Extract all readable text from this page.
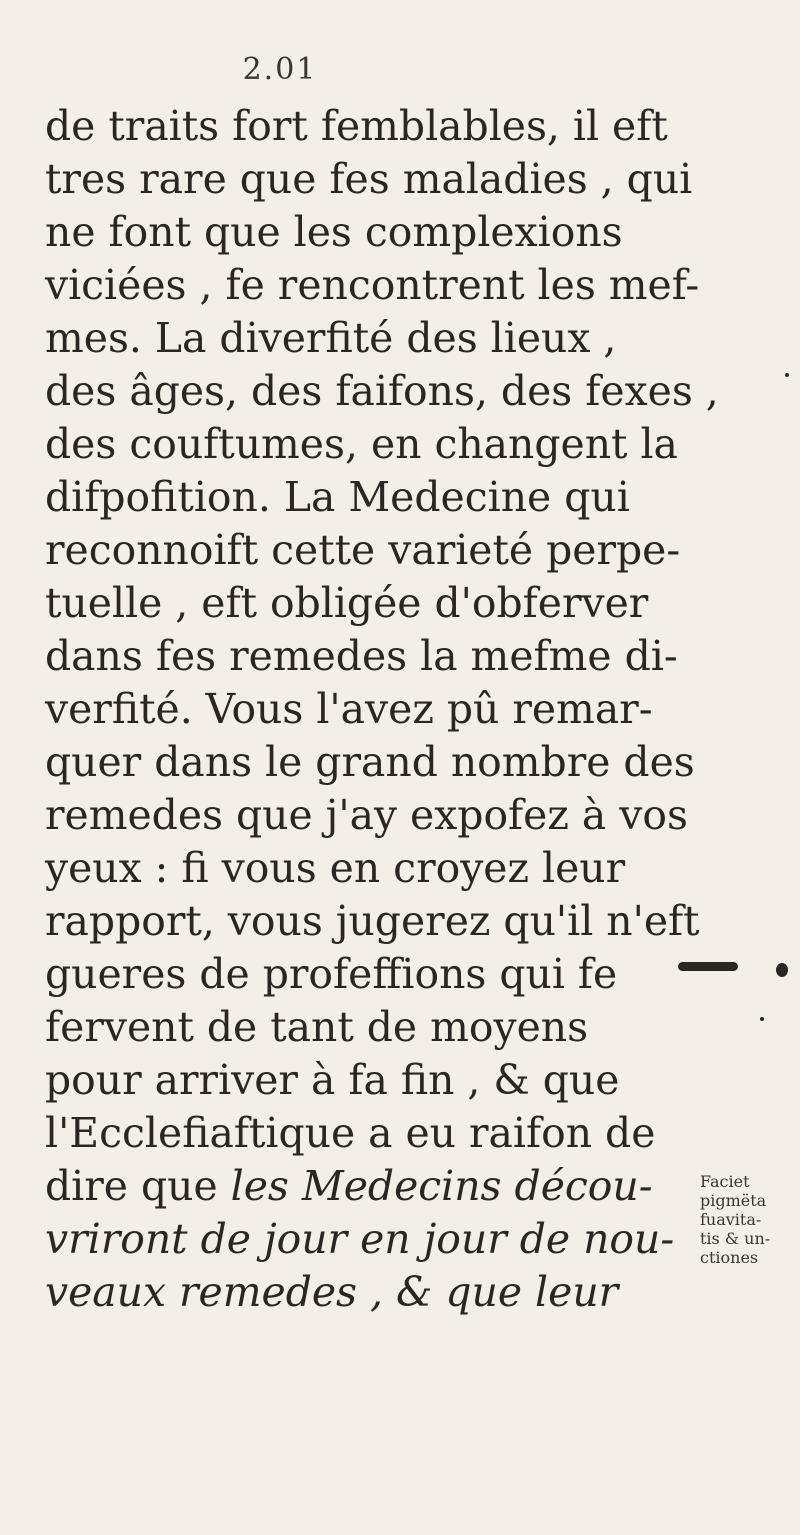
2.01
de traits fort femblables, il eft
tres rare que fes maladies , qui
ne font que les complexions
viciées , fe rencontrent les mef-
mes. La diverfité des lieux ,
des âges, des faifons, des fexes ,
des couftumes, en changent la
difpofition. La Medecine qui
reconnoift cette varieté perpe-
tuelle , eft obligée d'obferver
dans fes remedes la mefme di-
verfité. Vous l'avez pû remar-
quer dans le grand nombre des
remedes que j'ay expofez à vos
yeux : fi vous en croyez leur
rapport, vous jugerez qu'il n'eft
gueres de profeffions qui fe
fervent de tant de moyens
pour arriver à fa fin , & que
l'Ecclefiaftique a eu raifon de
dire que les Medecins décou-
vriront de jour en jour de nou-
veaux remedes , & que leur
Faciet
pigmëta
fuavita-
tis & un-
ctiones
